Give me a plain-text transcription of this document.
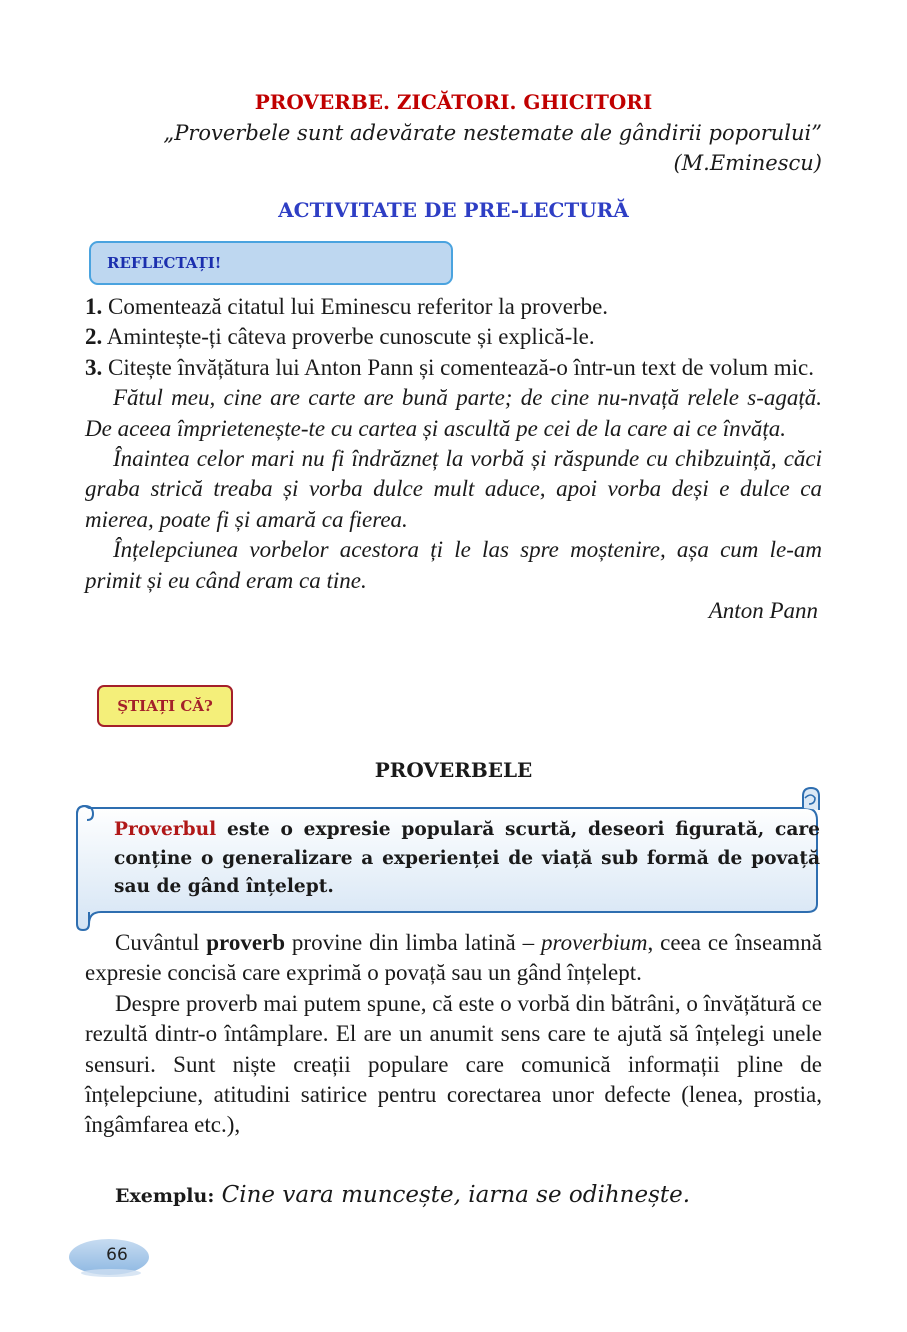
PROVERBE. ZICĂTORI. GHICITORI
„Proverbele sunt adevărate nestemate ale gândirii poporului”
(M.Eminescu)
ACTIVITATE DE PRE-LECTURĂ
REFLECTAȚI!

1. Comentează citatul lui Eminescu referitor la proverbe.

2. Amintește-ți câteva proverbe cunoscute și explică-le.

3. Citește învățătura lui Anton Pann și comentează-o într-un text de volum mic.

Fătul meu, cine are carte are bună parte; de cine nu-nvață relele s-agață. De aceea împrietenește-te cu cartea și ascultă pe cei de la care ai ce învăța.

Înaintea celor mari nu fi îndrăzneț la vorbă și răspunde cu chibzuință, căci graba strică treaba și vorba dulce mult aduce, apoi vorba deși e dulce ca mierea, poate fi și amară ca fierea.

Înțelepciunea vorbelor acestora ți le las spre moștenire, așa cum le-am primit și eu când eram ca tine.

Anton Pann
ȘTIAȚI CĂ?
PROVERBELE
Proverbul este o expresie populară scurtă, deseori figurată, care conține o generalizare a experienței de viață sub formă de povață sau de gând înțelept.

Cuvântul proverb provine din limba latină – proverbium, ceea ce înseamnă expresie concisă care exprimă o povață sau un gând înțelept.

Despre proverb mai putem spune, că este o vorbă din bătrâni, o învățătură ce rezultă dintr-o întâmplare. El are un anumit sens care te ajută să înțelegi unele sensuri. Sunt niște creații populare care comunică informații pline de înțelepciune, atitudini satirice pentru corectarea unor defecte (lenea, prostia, îngâmfarea etc.),

Exemplu: Cine vara muncește, iarna se odihnește.
66
